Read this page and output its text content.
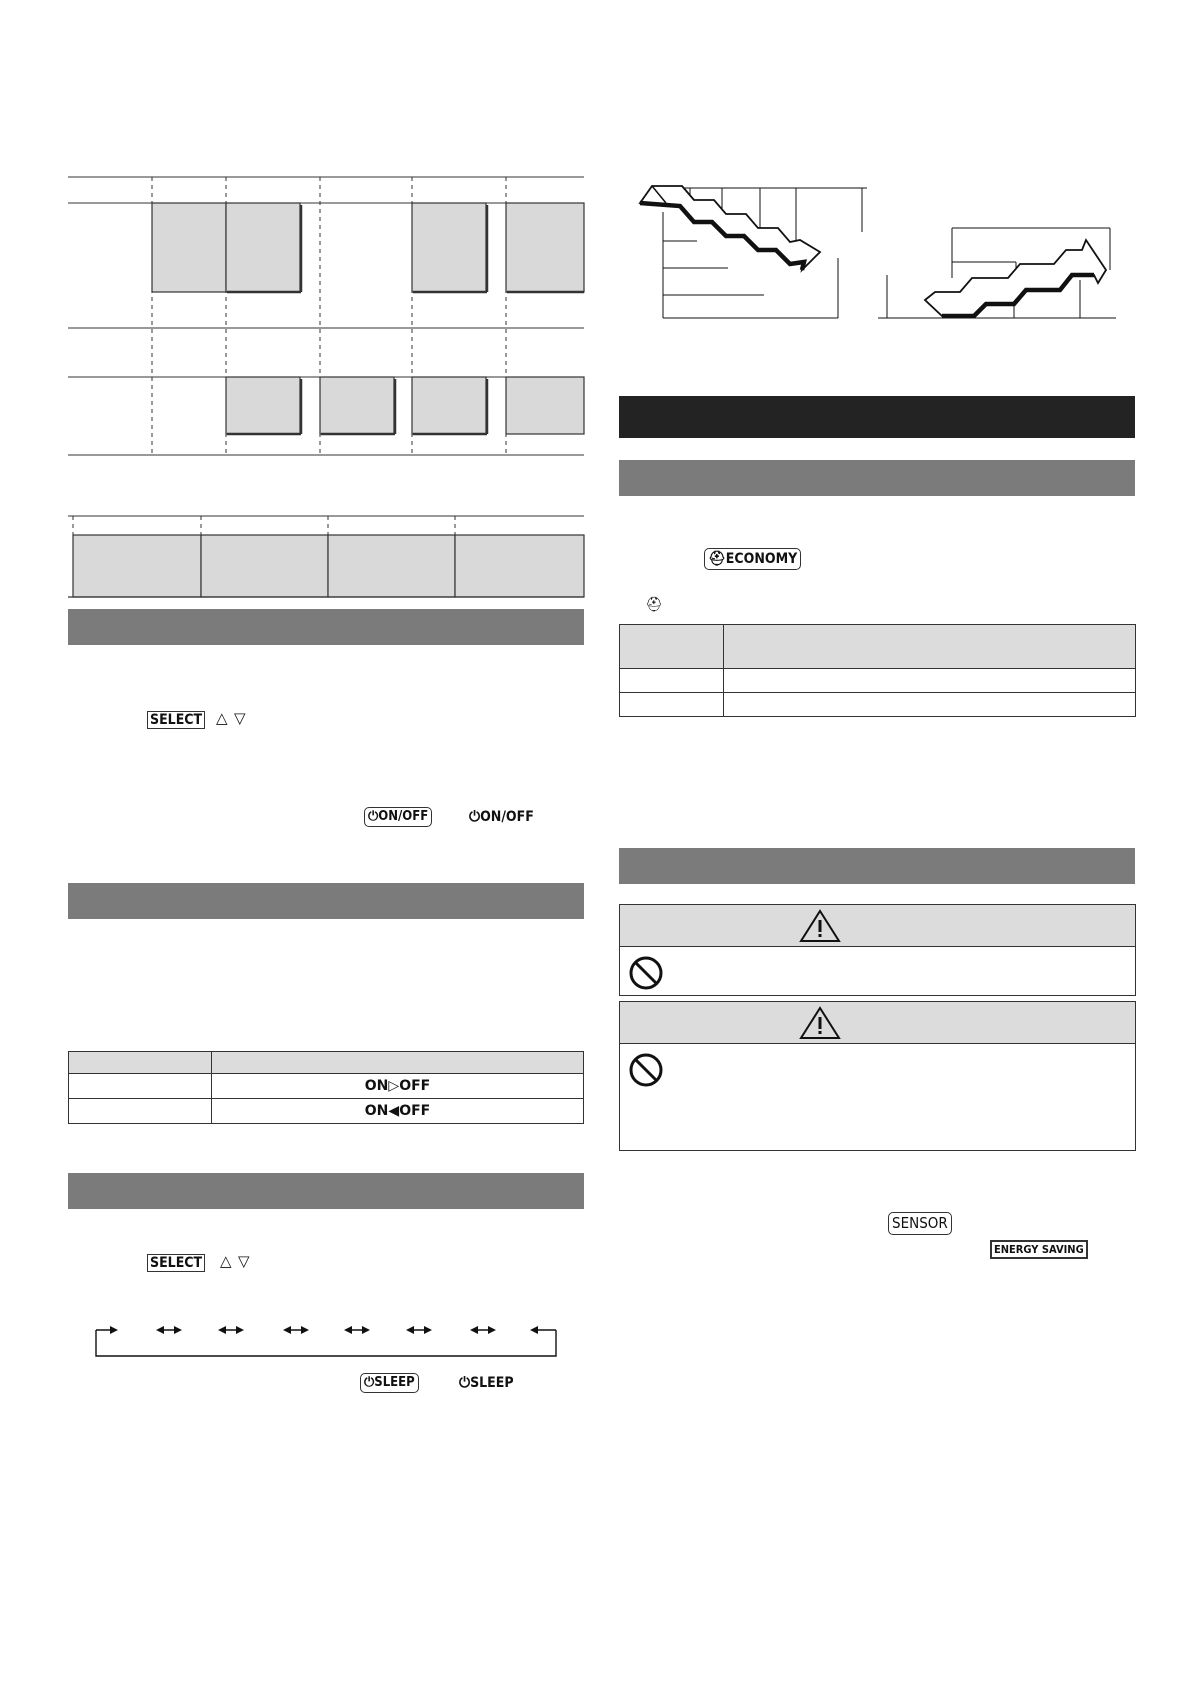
SELECT △ ▽
⏻ON/OFF	⏻ON/OFF

	ON▷OFF
	ON◀OFF
SELECT △ ▽
⏻SLEEP	⏻SLEEP
⛑ECONOMY
⛑

SENSOR
ENERGY SAVING
